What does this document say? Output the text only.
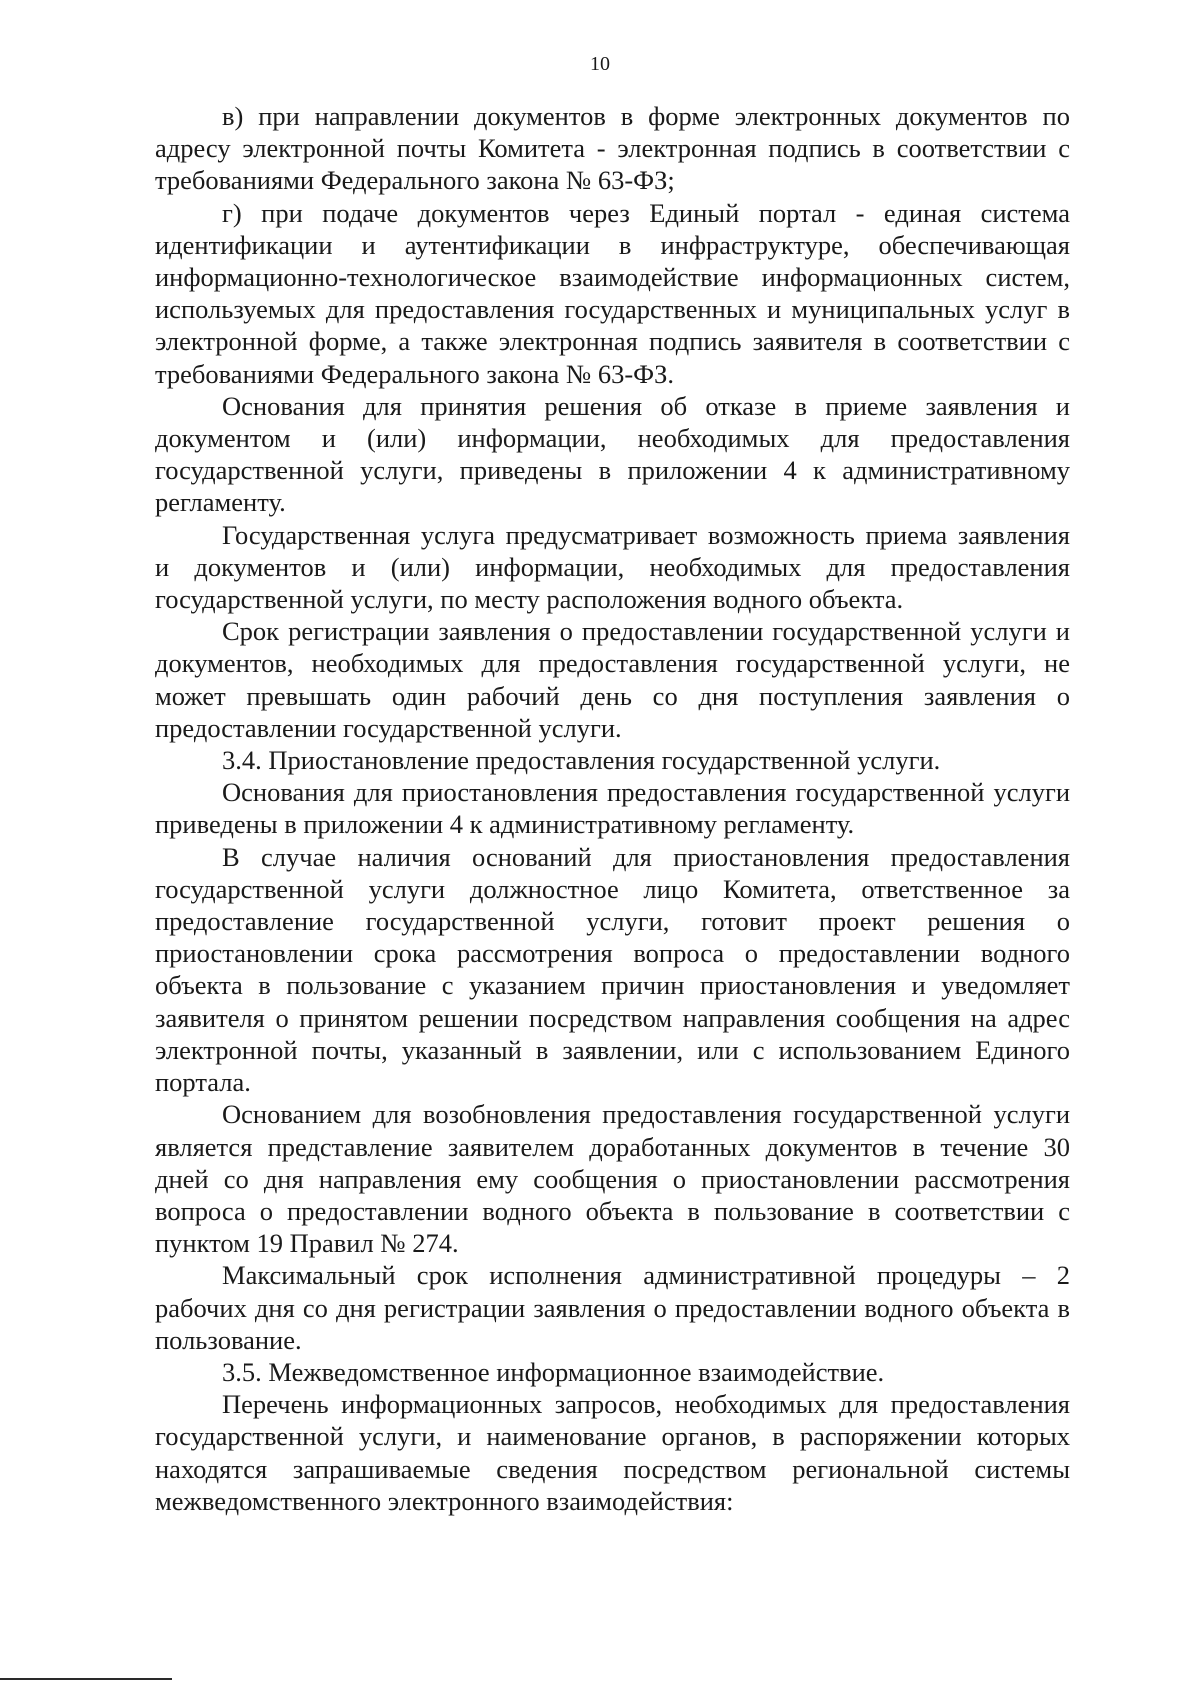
10

в) при направлении документов в форме электронных документов по адресу электронной почты Комитета - электронная подпись в соответствии с требованиями Федерального закона № 63-ФЗ;

г) при подаче документов через Единый портал - единая система идентификации и аутентификации в инфраструктуре, обеспечивающая информационно-технологическое взаимодействие информационных систем, используемых для предоставления государственных и муниципальных услуг в электронной форме, а также электронная подпись заявителя в соответствии с требованиями Федерального закона № 63-ФЗ.

Основания для принятия решения об отказе в приеме заявления и документом и (или) информации, необходимых для предоставления государственной услуги, приведены в приложении 4 к административному регламенту.

Государственная услуга предусматривает возможность приема заявления и документов и (или) информации, необходимых для предоставления государственной услуги, по месту расположения водного объекта.

Срок регистрации заявления о предоставлении государственной услуги и документов, необходимых для предоставления государственной услуги, не может превышать один рабочий день со дня поступления заявления о предоставлении государственной услуги.

3.4. Приостановление предоставления государственной услуги.

Основания для приостановления предоставления государственной услуги приведены в приложении 4 к административному регламенту.

В случае наличия оснований для приостановления предоставления государственной услуги должностное лицо Комитета, ответственное за предоставление государственной услуги, готовит проект решения о приостановлении срока рассмотрения вопроса о предоставлении водного объекта в пользование с указанием причин приостановления и уведомляет заявителя о принятом решении посредством направления сообщения на адрес электронной почты, указанный в заявлении, или с использованием Единого портала.

Основанием для возобновления предоставления государственной услуги является представление заявителем доработанных документов в течение 30 дней со дня направления ему сообщения о приостановлении рассмотрения вопроса о предоставлении водного объекта в пользование в соответствии с пунктом 19 Правил № 274.

Максимальный срок исполнения административной процедуры – 2 рабочих дня со дня регистрации заявления о предоставлении водного объекта в пользование.

3.5. Межведомственное информационное взаимодействие.

Перечень информационных запросов, необходимых для предоставления государственной услуги, и наименование органов, в распоряжении которых находятся запрашиваемые сведения посредством региональной системы межведомственного электронного взаимодействия:
